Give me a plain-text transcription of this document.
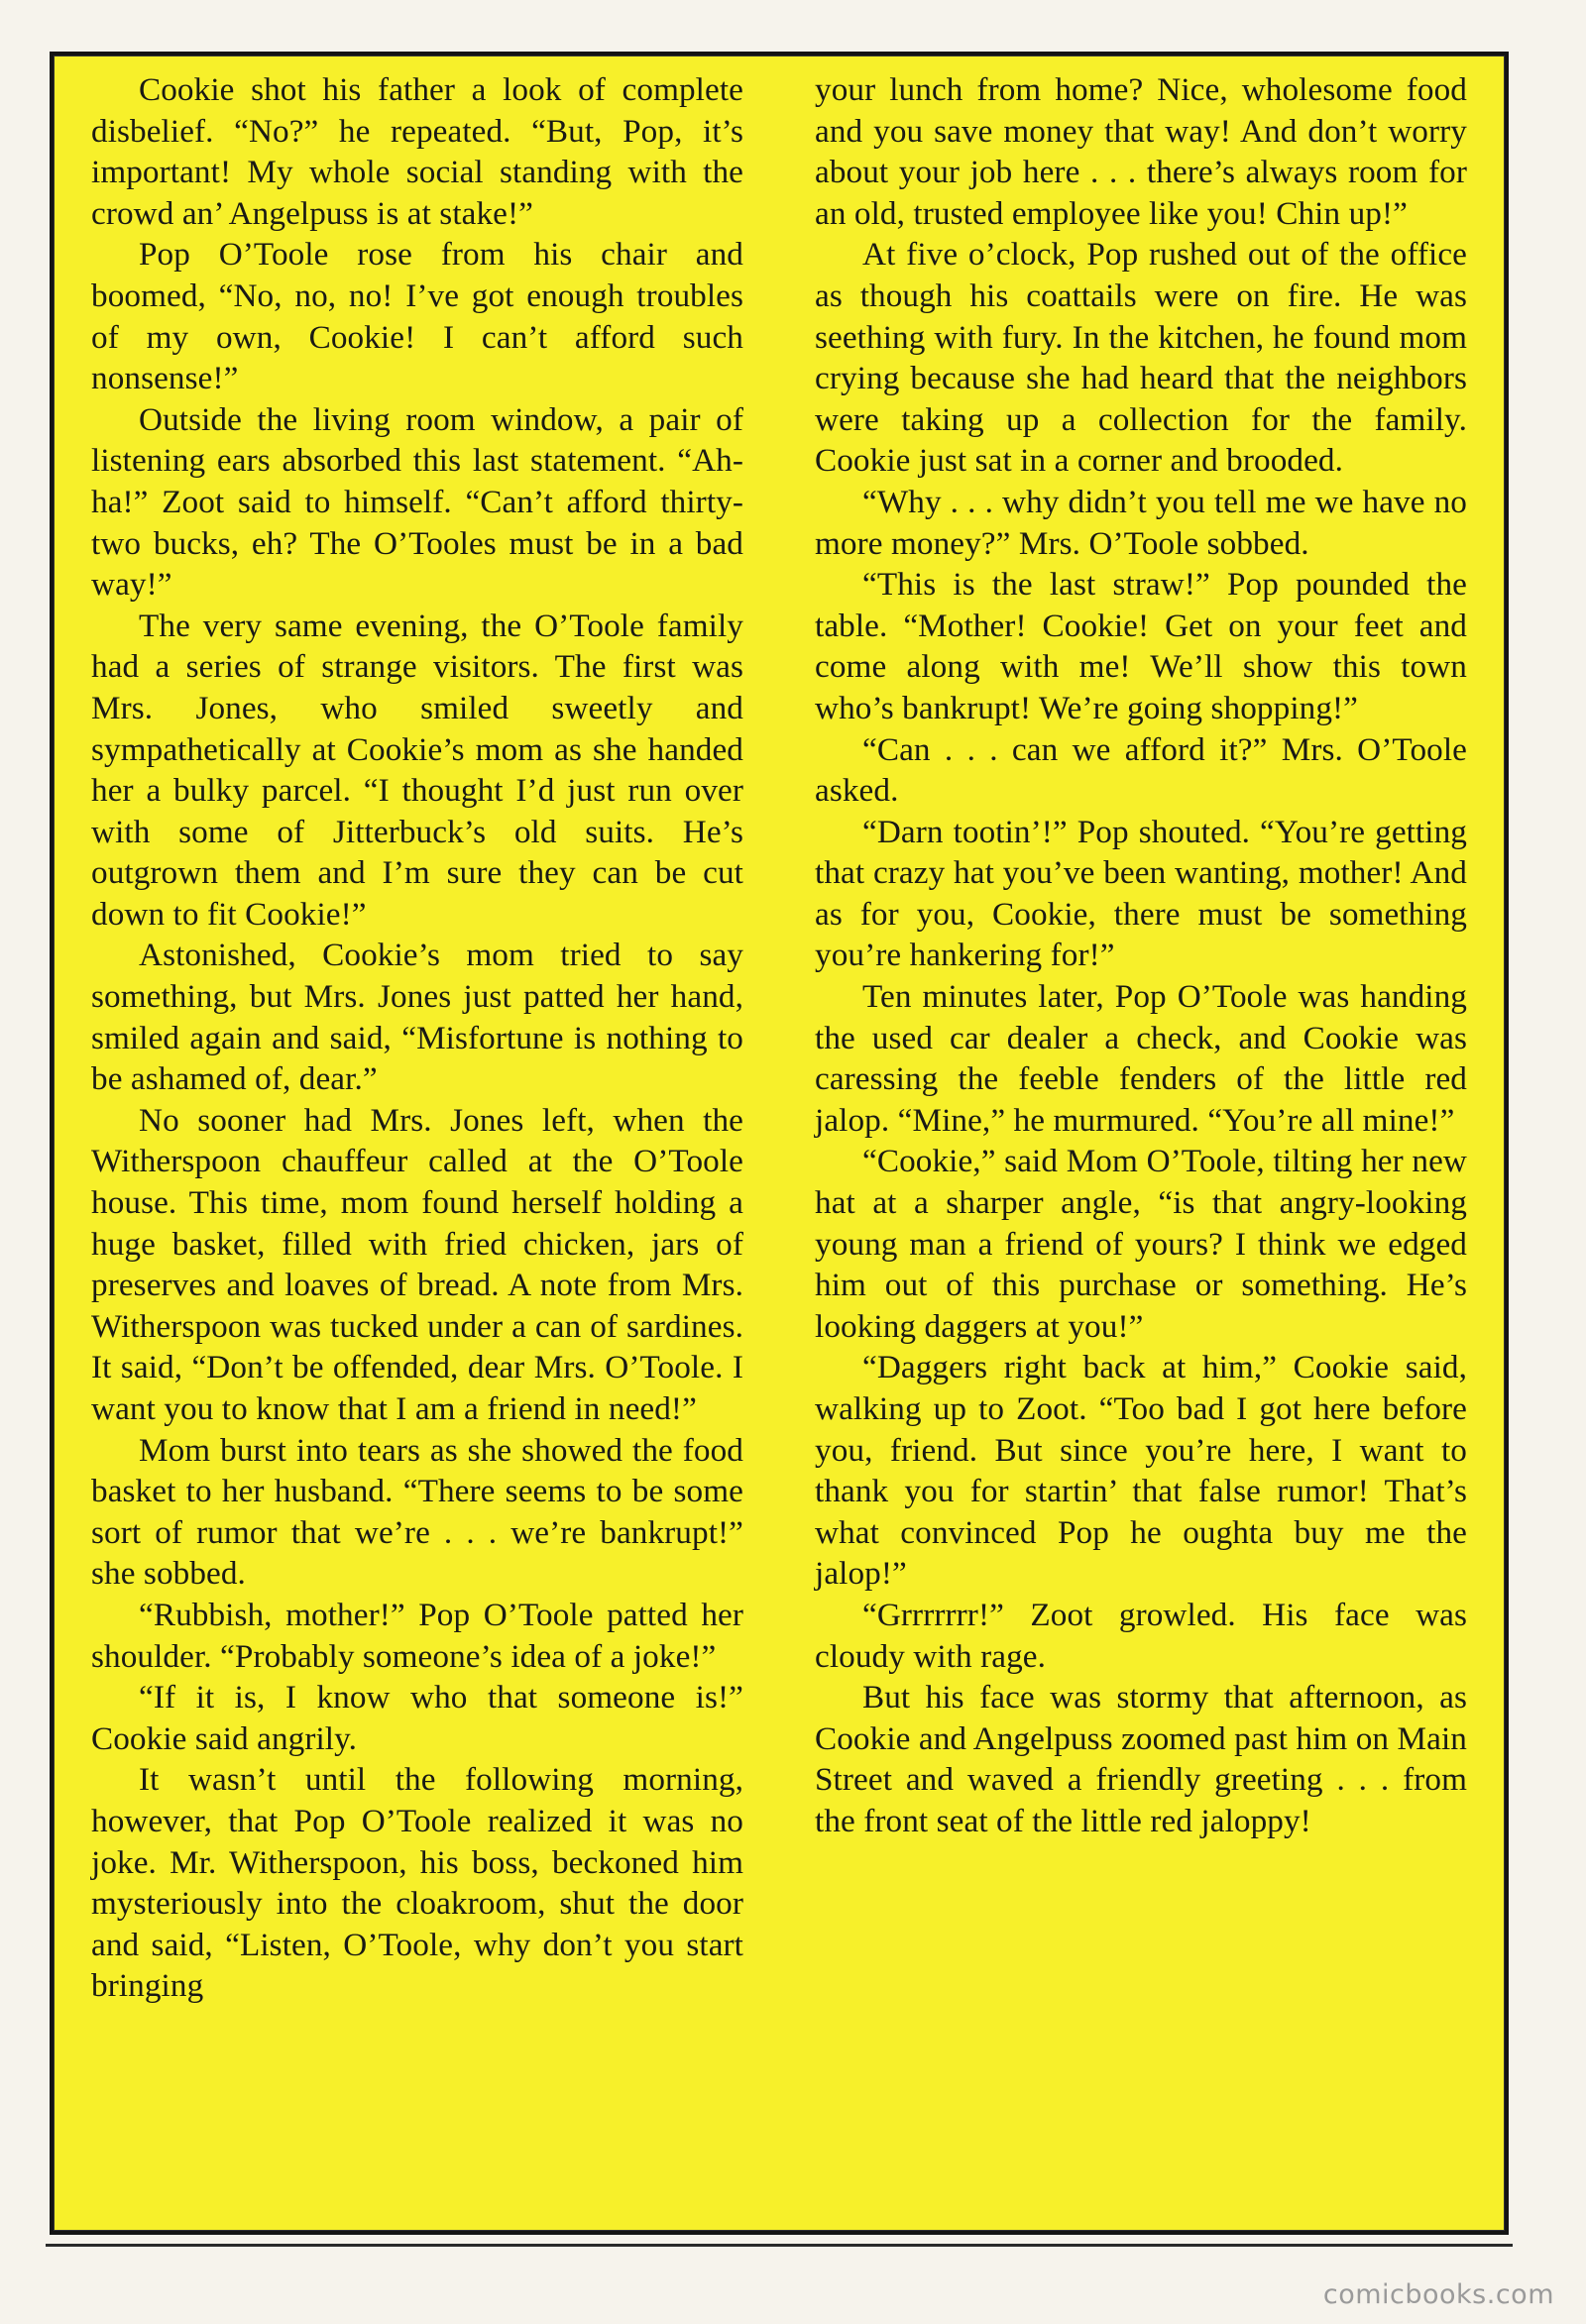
Cookie shot his father a look of complete disbelief. “No?” he repeated. “But, Pop, it’s important! My whole social standing with the crowd an’ Angelpuss is at stake!”

Pop O’Toole rose from his chair and boomed, “No, no, no! I’ve got enough troubles of my own, Cookie! I can’t afford such nonsense!”

Outside the living room window, a pair of listening ears absorbed this last statement. “Ah-ha!” Zoot said to himself. “Can’t afford thirty-two bucks, eh? The O’Tooles must be in a bad way!”

The very same evening, the O’Toole family had a series of strange visitors. The first was Mrs. Jones, who smiled sweetly and sympathetically at Cookie’s mom as she handed her a bulky parcel. “I thought I’d just run over with some of Jitterbuck’s old suits. He’s outgrown them and I’m sure they can be cut down to fit Cookie!”

Astonished, Cookie’s mom tried to say something, but Mrs. Jones just patted her hand, smiled again and said, “Misfortune is nothing to be ashamed of, dear.”

No sooner had Mrs. Jones left, when the Witherspoon chauffeur called at the O’Toole house. This time, mom found herself holding a huge basket, filled with fried chicken, jars of preserves and loaves of bread. A note from Mrs. Witherspoon was tucked under a can of sardines. It said, “Don’t be offended, dear Mrs. O’Toole. I want you to know that I am a friend in need!”

Mom burst into tears as she showed the food basket to her husband. “There seems to be some sort of rumor that we’re . . . we’re bankrupt!” she sobbed.

“Rubbish, mother!” Pop O’Toole patted her shoulder. “Probably someone’s idea of a joke!”

“If it is, I know who that someone is!” Cookie said angrily.

It wasn’t until the following morning, however, that Pop O’Toole realized it was no joke. Mr. Witherspoon, his boss, beckoned him mysteriously into the cloakroom, shut the door and said, “Listen, O’Toole, why don’t you start bringing

your lunch from home? Nice, wholesome food and you save money that way! And don’t worry about your job here . . . there’s always room for an old, trusted employee like you! Chin up!”

At five o’clock, Pop rushed out of the office as though his coattails were on fire. He was seething with fury. In the kitchen, he found mom crying because she had heard that the neighbors were taking up a collection for the family. Cookie just sat in a corner and brooded.

“Why . . . why didn’t you tell me we have no more money?” Mrs. O’Toole sobbed.

“This is the last straw!” Pop pounded the table. “Mother! Cookie! Get on your feet and come along with me! We’ll show this town who’s bankrupt! We’re going shopping!”

“Can . . . can we afford it?” Mrs. O’Toole asked.

“Darn tootin’!” Pop shouted. “You’re getting that crazy hat you’ve been wanting, mother! And as for you, Cookie, there must be something you’re hankering for!”

Ten minutes later, Pop O’Toole was handing the used car dealer a check, and Cookie was caressing the feeble fenders of the little red jalop. “Mine,” he murmured. “You’re all mine!”

“Cookie,” said Mom O’Toole, tilting her new hat at a sharper angle, “is that angry-looking young man a friend of yours? I think we edged him out of this purchase or something. He’s looking daggers at you!”

“Daggers right back at him,” Cookie said, walking up to Zoot. “Too bad I got here before you, friend. But since you’re here, I want to thank you for startin’ that false rumor! That’s what convinced Pop he oughta buy me the jalop!”

“Grrrrrrr!” Zoot growled. His face was cloudy with rage.

But his face was stormy that afternoon, as Cookie and Angelpuss zoomed past him on Main Street and waved a friendly greeting . . . from the front seat of the little red jaloppy!

comicbooks.com
